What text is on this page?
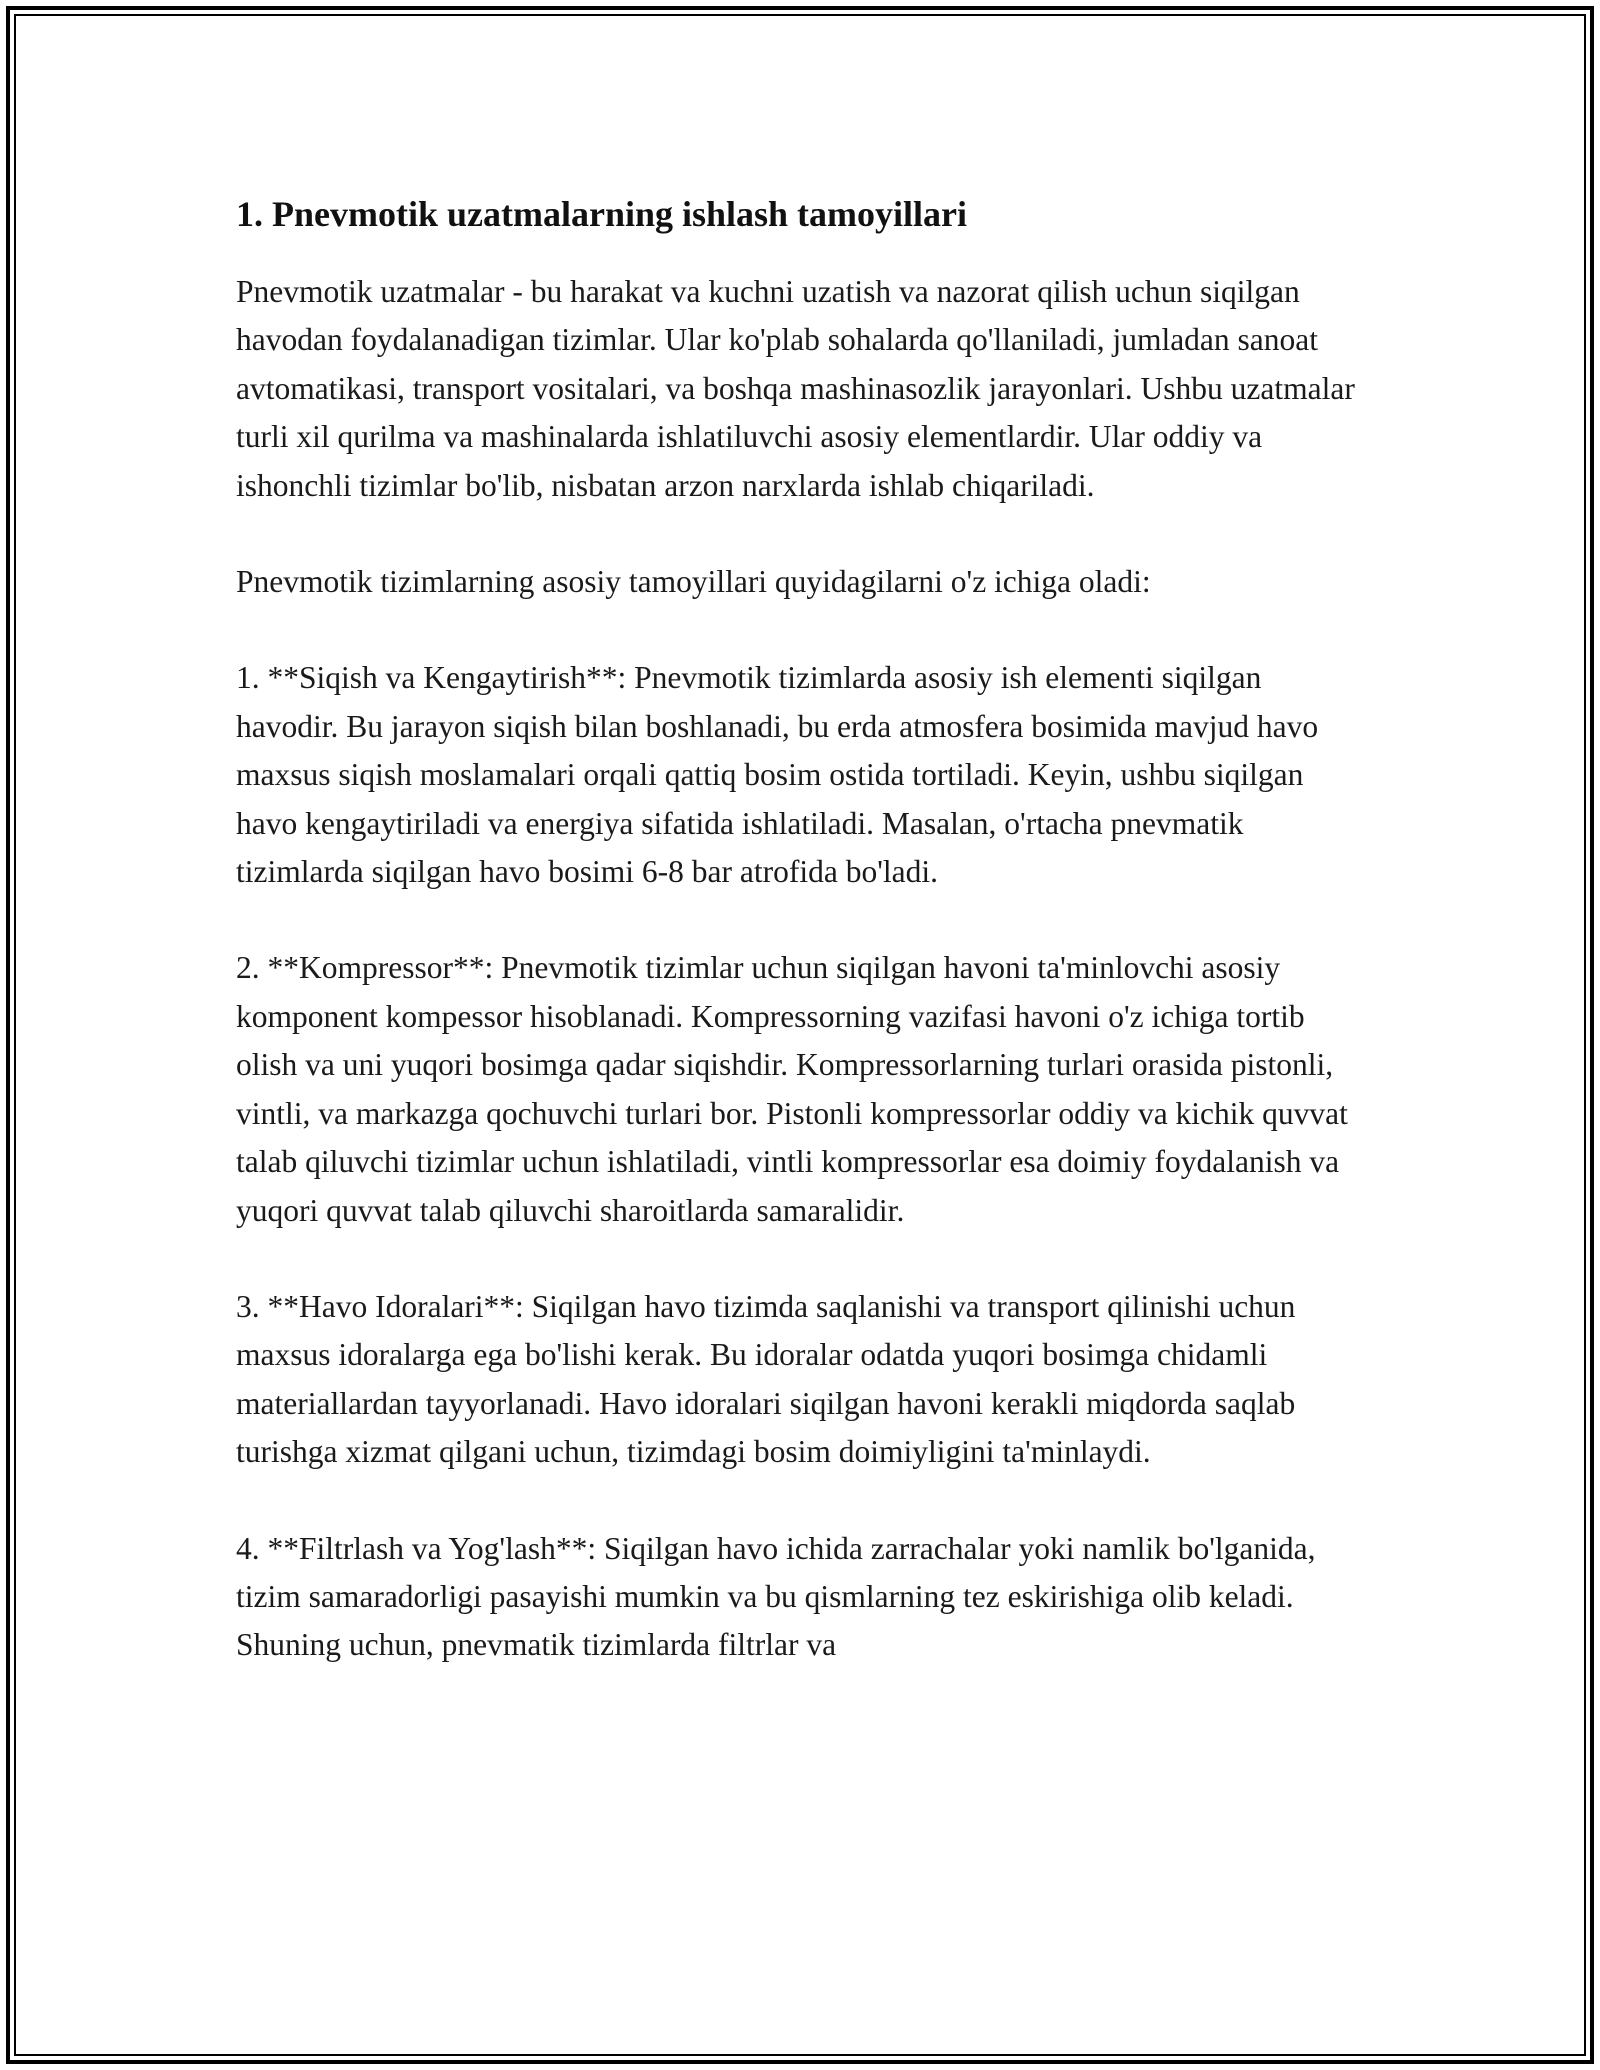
1. Pnevmotik uzatmalarning ishlash tamoyillari

Pnevmotik uzatmalar - bu harakat va kuchni uzatish va nazorat qilish uchun siqilgan havodan foydalanadigan tizimlar. Ular ko'plab sohalarda qo'llaniladi, jumladan sanoat avtomatikasi, transport vositalari, va boshqa mashinasozlik jarayonlari. Ushbu uzatmalar turli xil qurilma va mashinalarda ishlatiluvchi asosiy elementlardir. Ular oddiy va ishonchli tizimlar bo'lib, nisbatan arzon narxlarda ishlab chiqariladi.

Pnevmotik tizimlarning asosiy tamoyillari quyidagilarni o'z ichiga oladi:

1. **Siqish va Kengaytirish**: Pnevmotik tizimlarda asosiy ish elementi siqilgan havodir. Bu jarayon siqish bilan boshlanadi, bu erda atmosfera bosimida mavjud havo maxsus siqish moslamalari orqali qattiq bosim ostida tortiladi. Keyin, ushbu siqilgan havo kengaytiriladi va energiya sifatida ishlatiladi. Masalan, o'rtacha pnevmatik tizimlarda siqilgan havo bosimi 6-8 bar atrofida bo'ladi.

2. **Kompressor**: Pnevmotik tizimlar uchun siqilgan havoni ta'minlovchi asosiy komponent kompessor hisoblanadi. Kompressorning vazifasi havoni o'z ichiga tortib olish va uni yuqori bosimga qadar siqishdir. Kompressorlarning turlari orasida pistonli, vintli, va markazga qochuvchi turlari bor. Pistonli kompressorlar oddiy va kichik quvvat talab qiluvchi tizimlar uchun ishlatiladi, vintli kompressorlar esa doimiy foydalanish va yuqori quvvat talab qiluvchi sharoitlarda samaralidir.

3. **Havo Idoralari**: Siqilgan havo tizimda saqlanishi va transport qilinishi uchun maxsus idoralarga ega bo'lishi kerak. Bu idoralar odatda yuqori bosimga chidamli materiallardan tayyorlanadi. Havo idoralari siqilgan havoni kerakli miqdorda saqlab turishga xizmat qilgani uchun, tizimdagi bosim doimiyligini ta'minlaydi.

4. **Filtrlash va Yog'lash**: Siqilgan havo ichida zarrachalar yoki namlik bo'lganida, tizim samaradorligi pasayishi mumkin va bu qismlarning tez eskirishiga olib keladi. Shuning uchun, pnevmatik tizimlarda filtrlar va
